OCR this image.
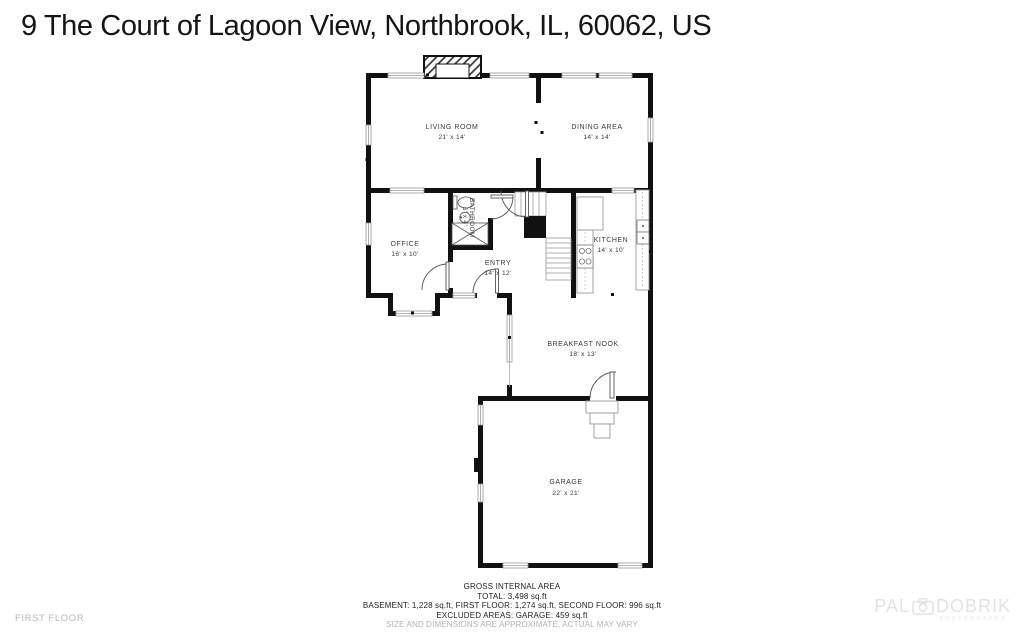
9 The Court of Lagoon View, Northbrook, IL, 60062, US
LIVING ROOM
21' x 14'
DINING AREA
14' x 14'
OFFICE
16' x 10'
BATHROOM
6' x 4'
ENTRY
14' x 12'
KITCHEN
14' x 10'
BREAKFAST NOOK
18' x 13'
GARAGE
22' x 21'

GROSS INTERNAL AREA

TOTAL: 3,498 sq.ft

BASEMENT: 1,228 sq.ft, FIRST FLOOR: 1,274 sq.ft, SECOND FLOOR: 996 sq.ft

EXCLUDED AREAS: GARAGE: 459 sq.ft

SIZE AND DIMENSIONS ARE APPROXIMATE, ACTUAL MAY VARY

FIRST FLOOR
PAL DOBRIK
PHOTOGRAPHY
